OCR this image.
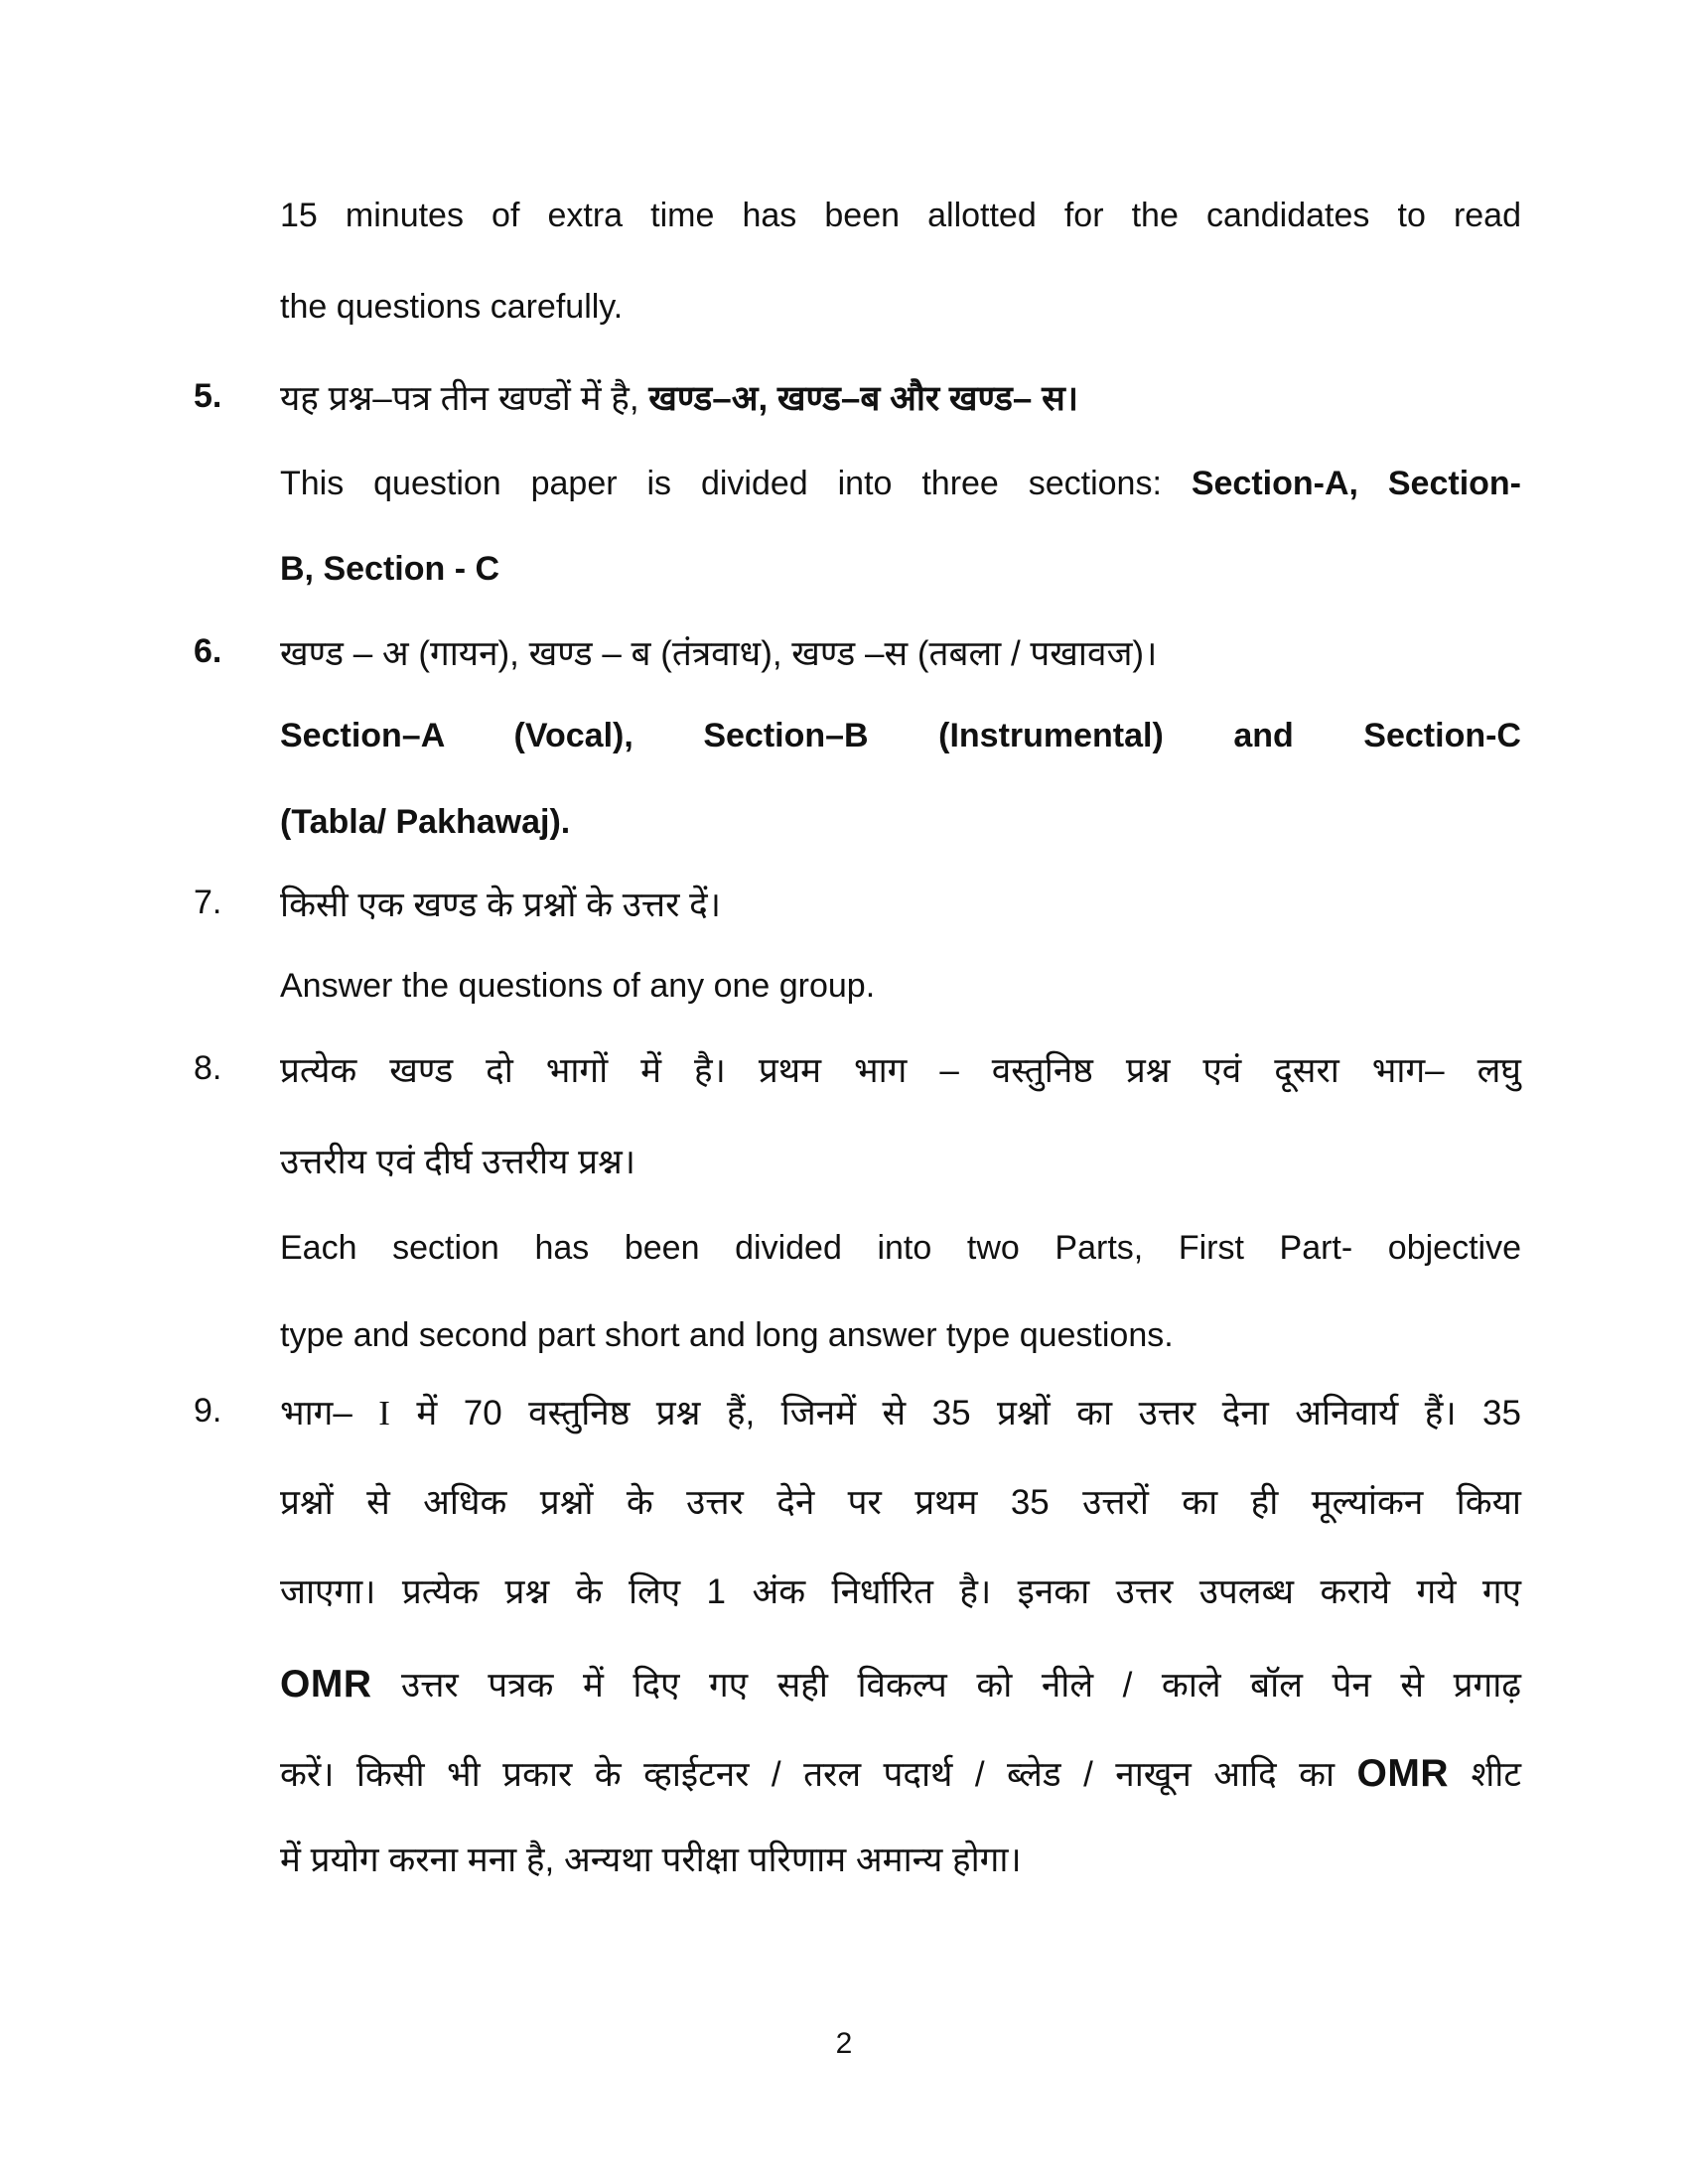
15 minutes of extra time has been allotted for the candidates to read
the questions carefully.
5. यह प्रश्न–पत्र तीन खण्डों में है, खण्ड–अ, खण्ड–ब और खण्ड– स।
This question paper is divided into three sections: Section-A, Section-
B, Section - C
6. खण्ड – अ (गायन), खण्ड – ब (तंत्रवाध), खण्ड –स (तबला / पखावज)।
Section–A (Vocal), Section–B (Instrumental) and Section-C
(Tabla/ Pakhawaj).
7. किसी एक खण्ड के प्रश्नों के उत्तर दें।
Answer the questions of any one group.
8. प्रत्येक खण्ड दो भागों में है। प्रथम भाग – वस्तुनिष्ठ प्रश्न एवं दूसरा भाग– लघु
उत्तरीय एवं दीर्घ उत्तरीय प्रश्न।
Each section has been divided into two Parts, First Part- objective
type and second part short and long answer type questions.
9. भाग– I में 70 वस्तुनिष्ठ प्रश्न हैं, जिनमें से 35 प्रश्नों का उत्तर देना अनिवार्य हैं। 35
प्रश्नों से अधिक प्रश्नों के उत्तर देने पर प्रथम 35 उत्तरों का ही मूल्यांकन किया
जाएगा। प्रत्येक प्रश्न के लिए 1 अंक निर्धारित है। इनका उत्तर उपलब्ध कराये गये गए
OMR उत्तर पत्रक में दिए गए सही विकल्प को नीले / काले बॉल पेन से प्रगाढ़
करें। किसी भी प्रकार के व्हाईटनर / तरल पदार्थ / ब्लेड / नाखून आदि का OMR शीट
में प्रयोग करना मना है, अन्यथा परीक्षा परिणाम अमान्य होगा।
2
